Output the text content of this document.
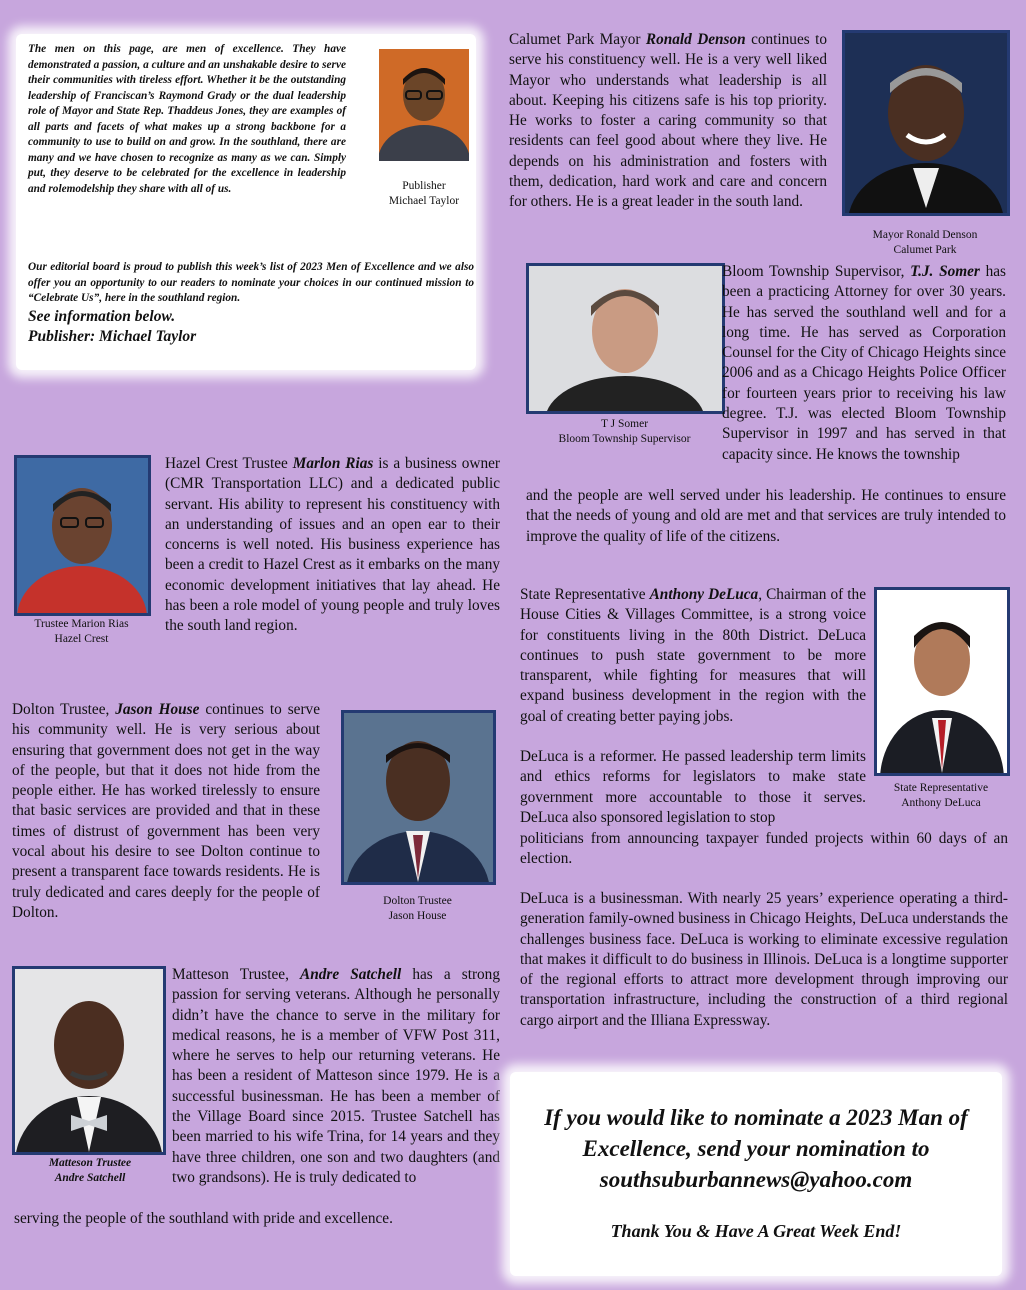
The men on this page, are men of excellence. They have demonstrated a passion, a culture and an unshakable desire to serve their communities with tireless effort. Whether it be the outstanding leadership of Franciscan’s Raymond Grady or the dual leadership role of Mayor and State Rep. Thaddeus Jones, they are examples of all parts and facets of what makes up a strong backbone for a community to use to build on and grow. In the southland, there are many and we have chosen to recognize as many as we can. Simply put, they deserve to be celebrated for the excellence in leadership and rolemodelship they share with all of us.	Publisher
Michael Taylor
Our editorial board is proud to publish this week’s list of 2023 Men of Excellence and we also offer you an opportunity to our readers to nominate your choices in our continued mission to “Celebrate Us”, here in the southland region.
See information below.
Publisher: Michael Taylor

Calumet Park Mayor Ronald Denson continues to serve his constituency well. He is a very well liked Mayor who understands what leadership is all about. Keeping his citizens safe is his top priority. He works to foster a caring community so that residents can feel good about where they live. He depends on his administration and fosters with them, dedication, hard work and care and concern for others. He is a great leader in the south land.

Mayor Ronald Denson
Calumet Park
T J Somer
Bloom Township Supervisor

Bloom Township Supervisor, T.J. Somer has been a practicing Attorney for over 30 years. He has served the southland well and for a long time. He has served as Corporation Counsel for the City of Chicago Heights since 2006 and as a Chicago Heights Police Officer for fourteen years prior to receiving his law degree. T.J. was elected Bloom Township Supervisor in 1997 and has served in that capacity since. He knows the township

and the people are well served under his leadership. He continues to ensure that the needs of young and old are met and that services are truly intended to improve the quality of life of the citizens.

Trustee Marion Rias
Hazel Crest

Hazel Crest Trustee Marlon Rias is a business owner (CMR Transportation LLC) and a dedicated public servant. His ability to represent his constituency with an understanding of issues and an open ear to their concerns is well noted. His business experience has been a credit to Hazel Crest as it embarks on the many economic development initiatives that lay ahead. He has been a role model of young people and truly loves the south land region.

State Representative Anthony DeLuca, Chairman of the House Cities & Villages Committee, is a strong voice for constituents living in the 80th District. DeLuca continues to push state government to be more transparent, while fighting for measures that will expand business development in the region with the goal of creating better paying jobs.

State Representative
Anthony DeLuca

DeLuca is a reformer. He passed leadership term limits and ethics reforms for legislators to make state government more accountable to those it serves. DeLuca also sponsored legislation to stop

politicians from announcing taxpayer funded projects within 60 days of an election.

DeLuca is a businessman. With nearly 25 years’ experience operating a third-generation family-owned business in Chicago Heights, DeLuca understands the challenges business face. DeLuca is working to eliminate excessive regulation that makes it difficult to do business in Illinois. DeLuca is a longtime supporter of the regional efforts to attract more development through improving our transportation infrastructure, including the construction of a third regional cargo airport and the Illiana Expressway.

Dolton Trustee, Jason House continues to serve his community well. He is very serious about ensuring that government does not get in the way of the people, but that it does not hide from the people either. He has worked tirelessly to ensure that basic services are provided and that in these times of distrust of government has been very vocal about his desire to see Dolton continue to present a transparent face towards residents. He is truly dedicated and cares deeply for the people of Dolton.

Dolton Trustee
Jason House
Matteson Trustee
Andre Satchell

Matteson Trustee, Andre Satchell has a strong passion for serving veterans. Although he personally didn’t have the chance to serve in the military for medical reasons, he is a member of VFW Post 311, where he serves to help our returning veterans. He has been a resident of Matteson since 1979. He is a successful businessman. He has been a member of the Village Board since 2015. Trustee Satchell has been married to his wife Trina, for 14 years and they have three children, one son and two daughters (and two grandsons). He is truly dedicated to

serving the people of the southland with pride and excellence.

If you would like to nominate a 2023 Man of Excellence, send your nomination to southsuburbannews@yahoo.com
Thank You & Have A Great Week End!
